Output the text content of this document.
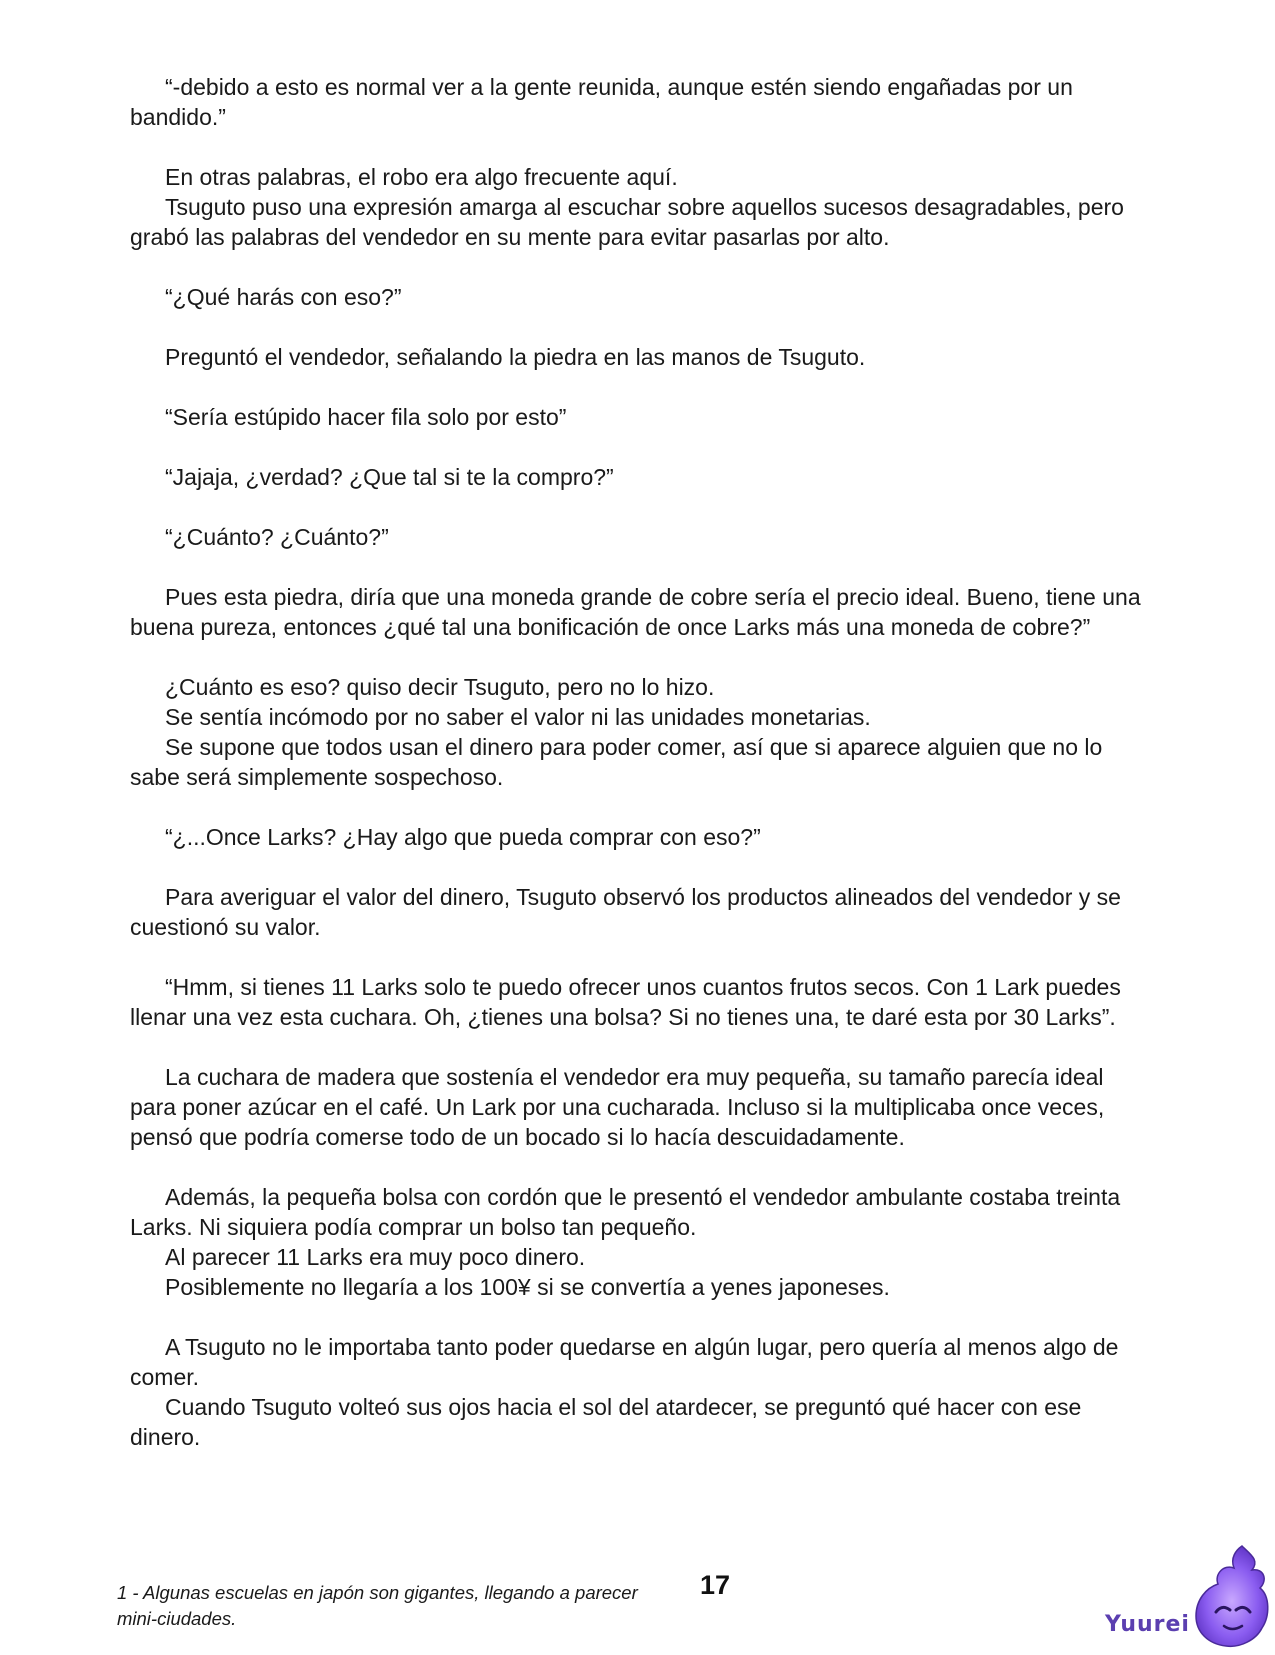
“-debido a esto es normal ver a la gente reunida, aunque estén siendo engañadas por un bandido.”

En otras palabras, el robo era algo frecuente aquí.
Tsuguto puso una expresión amarga al escuchar sobre aquellos sucesos desagradables, pero grabó las palabras del vendedor en su mente para evitar pasarlas por alto.

“¿Qué harás con eso?”

Preguntó el vendedor, señalando la piedra en las manos de Tsuguto.

“Sería estúpido hacer fila solo por esto”

“Jajaja, ¿verdad? ¿Que tal si te la compro?”

“¿Cuánto? ¿Cuánto?”

Pues esta piedra, diría que una moneda grande de cobre sería el precio ideal. Bueno, tiene una buena pureza, entonces ¿qué tal una bonificación de once Larks más una moneda de cobre?”

¿Cuánto es eso? quiso decir Tsuguto, pero no lo hizo.
Se sentía incómodo por no saber el valor ni las unidades monetarias.
Se supone que todos usan el dinero para poder comer, así que si aparece alguien que no lo sabe será simplemente sospechoso.

“¿...Once Larks? ¿Hay algo que pueda comprar con eso?”

Para averiguar el valor del dinero, Tsuguto observó los productos alineados del vendedor y se cuestionó su valor.

“Hmm, si tienes 11 Larks solo te puedo ofrecer unos cuantos frutos secos. Con 1 Lark puedes llenar una vez esta cuchara. Oh, ¿tienes una bolsa? Si no tienes una, te daré esta por 30 Larks”.

La cuchara de madera que sostenía el vendedor era muy pequeña, su tamaño parecía ideal para poner azúcar en el café. Un Lark por una cucharada. Incluso si la multiplicaba once veces, pensó que podría comerse todo de un bocado si lo hacía descuidadamente.

Además, la pequeña bolsa con cordón que le presentó el vendedor ambulante costaba treinta Larks. Ni siquiera podía comprar un bolso tan pequeño.
Al parecer 11 Larks era muy poco dinero.
Posiblemente no llegaría a los 100¥ si se convertía a yenes japoneses.

A Tsuguto no le importaba tanto poder quedarse en algún lugar, pero quería al menos algo de comer.
Cuando Tsuguto volteó sus ojos hacia el sol del atardecer, se preguntó qué hacer con ese dinero.

1 - Algunas escuelas en japón son gigantes, llegando a parecer mini-ciudades.
17
Yuurei
